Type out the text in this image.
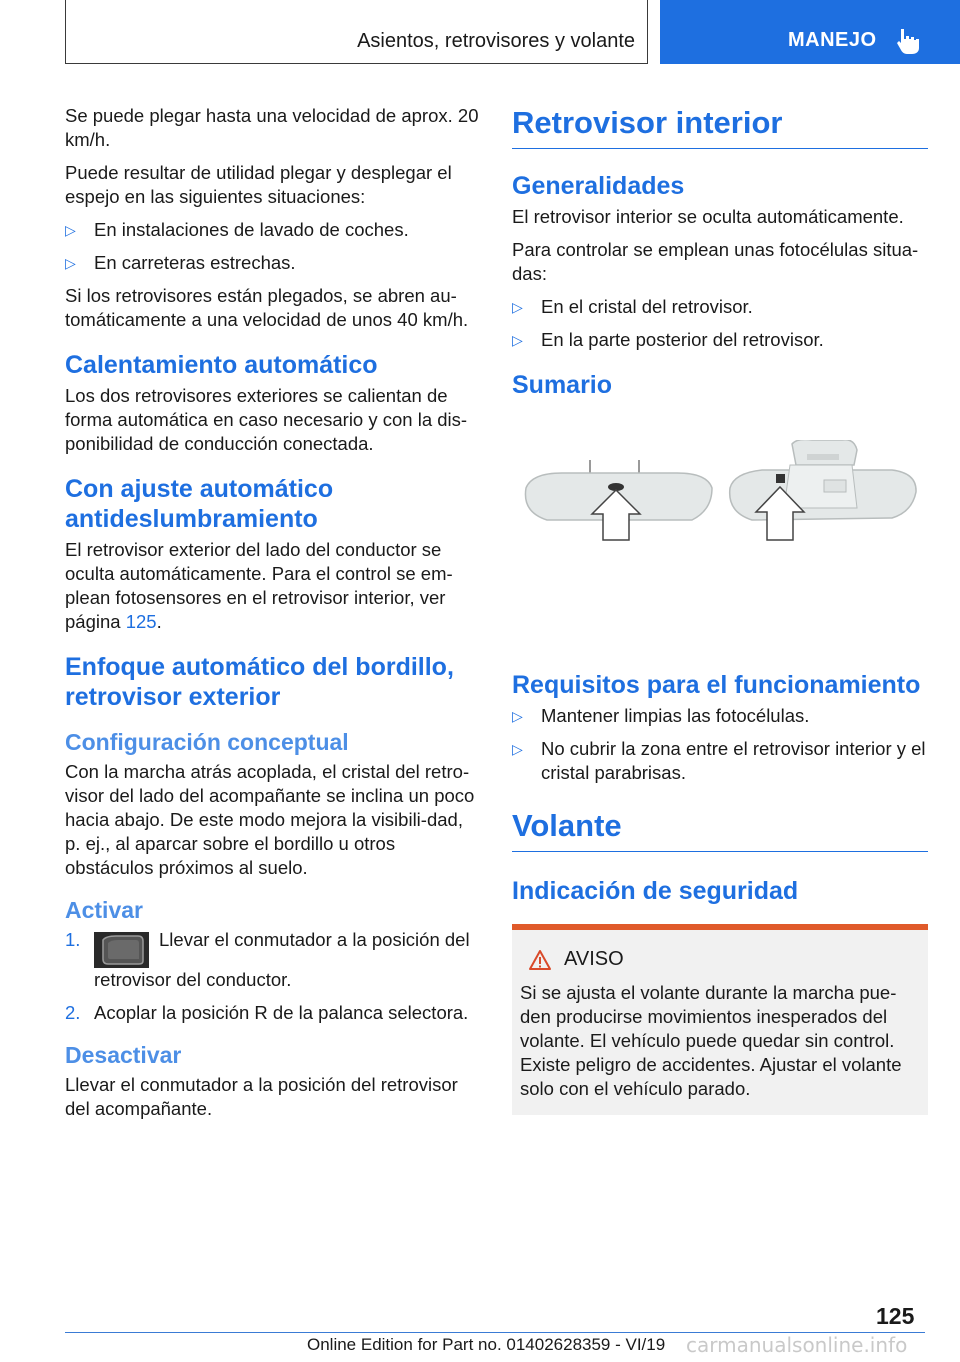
Asientos, retrovisores y volante	MANEJO

Se puede plegar hasta una velocidad de aprox. 20 km/h.

Puede resultar de utilidad plegar y desplegar el espejo en las siguientes situaciones:

▷ En instalaciones de lavado de coches.
▷ En carreteras estrechas.

Si los retrovisores están plegados, se abren au-tomáticamente a una velocidad de unos 40 km/h.

Calentamiento automático

Los dos retrovisores exteriores se calientan de forma automática en caso necesario y con la dis-ponibilidad de conducción conectada.

Con ajuste automático antideslumbramiento

El retrovisor exterior del lado del conductor se oculta automáticamente. Para el control se em-plean fotosensores en el retrovisor interior, ver página 125.

Enfoque automático del bordillo, retrovisor exterior
Configuración conceptual

Con la marcha atrás acoplada, el cristal del retro-visor del lado del acompañante se inclina un poco hacia abajo. De este modo mejora la visibili-dad, p. ej., al aparcar sobre el bordillo u otros obstáculos próximos al suelo.

Activar
1.	Llevar el conmutador a la posición del retrovisor del conductor.
2. Acoplar la posición R de la palanca selectora.
Desactivar

Llevar el conmutador a la posición del retrovisor del acompañante.

Retrovisor interior
Generalidades

El retrovisor interior se oculta automáticamente.

Para controlar se emplean unas fotocélulas situa-das:

▷ En el cristal del retrovisor.
▷ En la parte posterior del retrovisor.
Sumario
Requisitos para el funcionamiento
▷ Mantener limpias las fotocélulas.
▷ No cubrir la zona entre el retrovisor interior y el cristal parabrisas.
Volante
Indicación de seguridad
AVISO

Si se ajusta el volante durante la marcha pue-den producirse movimientos inesperados del volante. El vehículo puede quedar sin control. Existe peligro de accidentes. Ajustar el volante solo con el vehículo parado.

125
Online Edition for Part no. 01402628359 - VI/19 carmanualsonline.info
